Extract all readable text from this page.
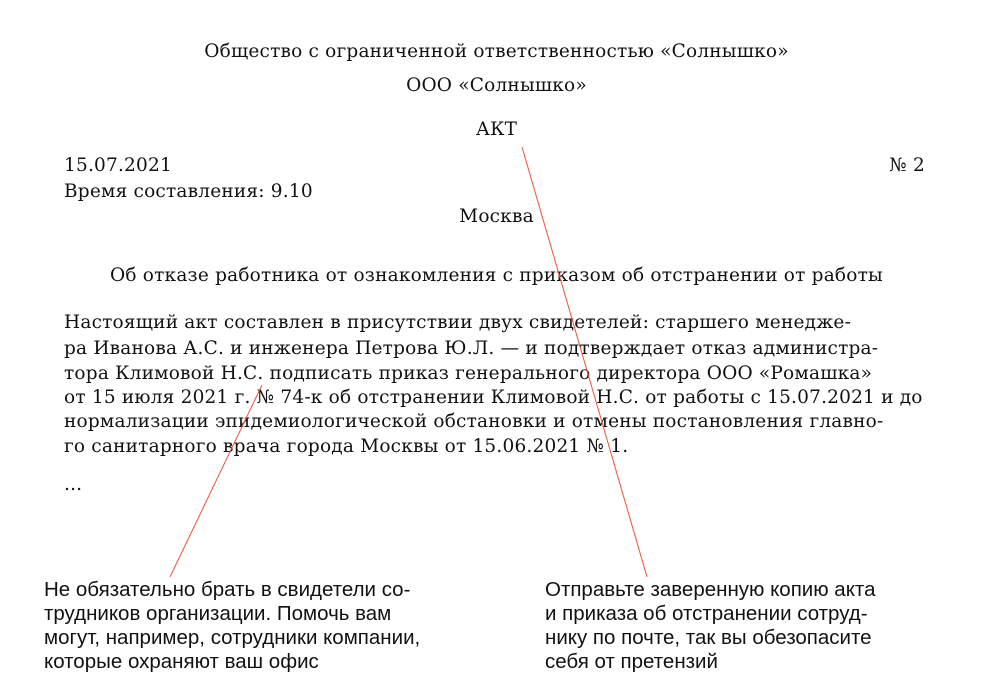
Общество с ограниченной ответственностью «Солнышко»
ООО «Солнышко»
АКТ
15.07.2021	№ 2
Время составления: 9.10
Москва
Об отказе работника от ознакомления с приказом об отстранении от работы
Настоящий акт составлен в присутствии двух свидетелей: старшего менедже-
ра Иванова А.С. и инженера Петрова Ю.Л. — и подтверждает отказ администра-
тора Климовой Н.С. подписать приказ генерального директора ООО «Ромашка»
от 15 июля 2021 г. № 74-к об отстранении Климовой Н.С. от работы с 15.07.2021 и до
нормализации эпидемиологической обстановки и отмены постановления главно-
го санитарного врача города Москвы от 15.06.2021 № 1.
...
Не обязательно брать в свидетели со-
трудников организации. Помочь вам
могут, например, сотрудники компании,
которые охраняют ваш офис
Отправьте заверенную копию акта
и приказа об отстранении сотруд-
нику по почте, так вы обезопасите
себя от претензий
